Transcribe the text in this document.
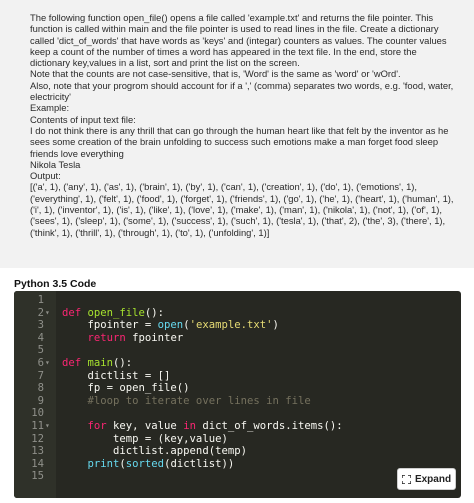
The following function open_file() opens a file called 'example.txt' and returns the file pointer. This function is called within main and the file pointer is used to read lines in the file. Create a dictionary called 'dict_of_words' that have words as 'keys' and (integar) counters as values. The counter values keep a count of the number of times a word has appeared in the text file. In the end, store the dictionary key,values in a list, sort and print the list on the screen.

Note that the counts are not case-sensitive, that is, 'Word' is the same as 'word' or 'wOrd'.

Also, note that your progrom should account for if a ',' (comma) separates two words, e.g. 'food, water, electricity'

Example:

Contents of input text file:

I do not think there is any thrill that can go through the human heart like that felt by the inventor as he sees some creation of the brain unfolding to success such emotions make a man forget food sleep friends love everything

Nikola Tesla

Output:

[('a', 1), ('any', 1), ('as', 1), ('brain', 1), ('by', 1), ('can', 1), ('creation', 1), ('do', 1), ('emotions', 1), ('everything', 1), ('felt', 1), ('food', 1), ('forget', 1), ('friends', 1), ('go', 1), ('he', 1), ('heart', 1), ('human', 1), ('i', 1), ('inventor', 1), ('is', 1), ('like', 1), ('love', 1), ('make', 1), ('man', 1), ('nikola', 1), ('not', 1), ('of', 1), ('sees', 1), ('sleep', 1), ('some', 1), ('success', 1), ('such', 1), ('tesla', 1), ('that', 2), ('the', 3), ('there', 1), ('think', 1), ('thrill', 1), ('through', 1), ('to', 1), ('unfolding', 1)]

Python 3.5 Code
1
2 ▾ def open_file():
3 fpointer = open('example.txt')
4	return fpointer
5
6 ▾ def main():
7 dictlist = []
8 fp = open_file()
9 #loop to iterate over lines in file
10
11 ▾	for key, value in dict_of_words.items():
12 temp = (key,value)
13 dictlist.append(temp)
14	print(sorted(dictlist))
15	Expand
